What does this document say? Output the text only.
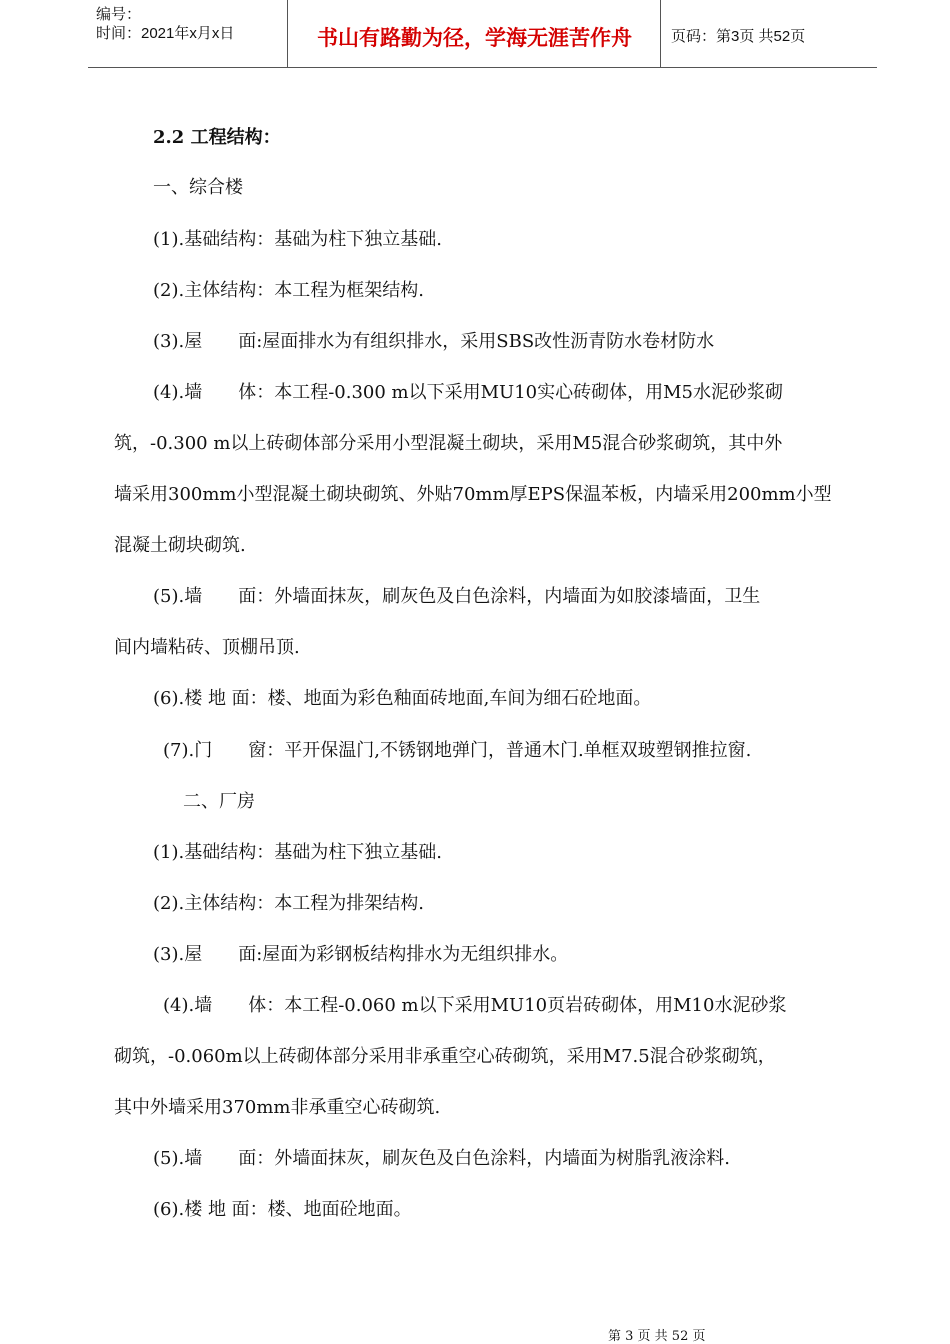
编号：
时间：2021年x月x日	书山有路勤为径，学海无涯苦作舟	页码：第3页 共52页
2.2 工程结构：
一、综合楼
(1).基础结构：基础为柱下独立基础.
(2).主体结构：本工程为框架结构.
(3).屋　　面:屋面排水为有组织排水，采用SBS改性沥青防水卷材防水
(4).墙　　体：本工程-0.300 m以下采用MU10实心砖砌体，用M5水泥砂浆砌
筑，-0.300 m以上砖砌体部分采用小型混凝土砌块，采用M5混合砂浆砌筑，其中外
墙采用300mm小型混凝土砌块砌筑、外贴70mm厚EPS保温苯板，内墙采用200mm小型
混凝土砌块砌筑.
(5).墙　　面：外墙面抹灰，刷灰色及白色涂料，内墙面为如胶漆墙面，卫生
间内墙粘砖、顶棚吊顶.
(6).楼 地 面：楼、地面为彩色釉面砖地面,车间为细石砼地面。
(7).门　　窗：平开保温门,不锈钢地弹门，普通木门.单框双玻塑钢推拉窗.
二、厂房
(1).基础结构：基础为柱下独立基础.
(2).主体结构：本工程为排架结构.
(3).屋　　面:屋面为彩钢板结构排水为无组织排水。
(4).墙　　体：本工程-0.060 m以下采用MU10页岩砖砌体，用M10水泥砂浆
砌筑，-0.060m以上砖砌体部分采用非承重空心砖砌筑，采用M7.5混合砂浆砌筑，
其中外墙采用370mm非承重空心砖砌筑.
(5).墙　　面：外墙面抹灰，刷灰色及白色涂料，内墙面为树脂乳液涂料.
(6).楼 地 面：楼、地面砼地面。
第 3 页 共 52 页
